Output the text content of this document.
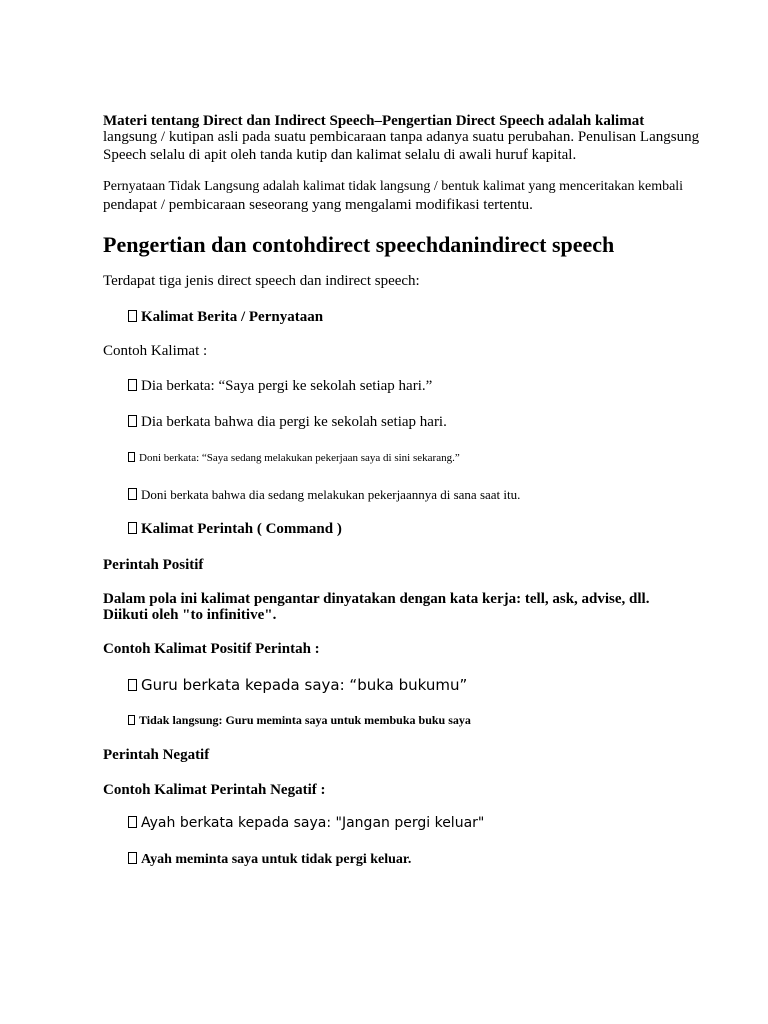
Materi tentang Direct dan Indirect Speech–Pengertian Direct Speech adalah kalimat
langsung / kutipan asli pada suatu pembicaraan tanpa adanya suatu perubahan. Penulisan Langsung
Speech selalu di apit oleh tanda kutip dan kalimat selalu di awali huruf kapital.
Pernyataan Tidak Langsung adalah kalimat tidak langsung / bentuk kalimat yang menceritakan kembali
pendapat / pembicaraan seseorang yang mengalami modifikasi tertentu.
Pengertian dan contohdirect speechdanindirect speech
Terdapat tiga jenis direct speech dan indirect speech:
Kalimat Berita / Pernyataan
Contoh Kalimat :
Dia berkata: “Saya pergi ke sekolah setiap hari.”
Dia berkata bahwa dia pergi ke sekolah setiap hari.
Doni berkata: “Saya sedang melakukan pekerjaan saya di sini sekarang.”
Doni berkata bahwa dia sedang melakukan pekerjaannya di sana saat itu.
Kalimat Perintah ( Command )
Perintah Positif
Dalam pola ini kalimat pengantar dinyatakan dengan kata kerja: tell, ask, advise, dll.
Diikuti oleh "to infinitive".
Contoh Kalimat Positif Perintah :
Guru berkata kepada saya: “buka bukumu”
Tidak langsung: Guru meminta saya untuk membuka buku saya
Perintah Negatif
Contoh Kalimat Perintah Negatif :
Ayah berkata kepada saya: "Jangan pergi keluar"
Ayah meminta saya untuk tidak pergi keluar.
